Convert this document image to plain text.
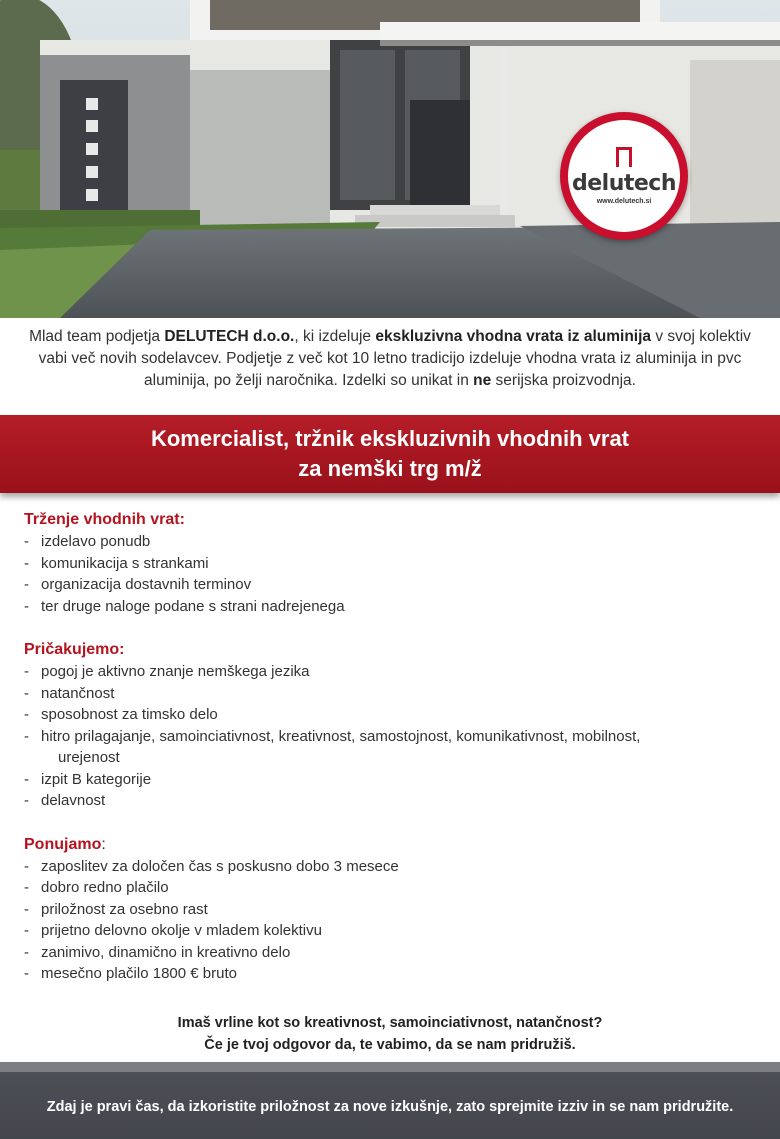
delutech
www.delutech.si

Mlad team podjetja DELUTECH d.o.o., ki izdeluje ekskluzivna vhodna vrata iz aluminija v svoj kolektiv vabi več novih sodelavcev. Podjetje z več kot 10 letno tradicijo izdeluje vhodna vrata iz aluminija in pvc aluminija, po želji naročnika. Izdelki so unikat in ne serijska proizvodnja.

Komercialist, tržnik ekskluzivnih vhodnih vrat
za nemški trg m/ž
Trženje vhodnih vrat:
- izdelavo ponudb
- komunikacija s strankami
- organizacija dostavnih terminov
- ter druge naloge podane s strani nadrejenega
Pričakujemo:
- pogoj je aktivno znanje nemškega jezika
- natančnost
- sposobnost za timsko delo
- hitro prilagajanje, samoinciativnost, kreativnost, samostojnost, komunikativnost, mobilnost,
urejenost
- izpit B kategorije
- delavnost
Ponujamo:
- zaposlitev za določen čas s poskusno dobo 3 mesece
- dobro redno plačilo
- priložnost za osebno rast
- prijetno delovno okolje v mladem kolektivu
- zanimivo, dinamično in kreativno delo
- mesečno plačilo 1800 € bruto
Imaš vrline kot so kreativnost, samoinciativnost, natančnost?
Če je tvoj odgovor da, te vabimo, da se nam pridružiš.
Zdaj je pravi čas, da izkoristite priložnost za nove izkušnje, zato sprejmite izziv in se nam pridružite.
